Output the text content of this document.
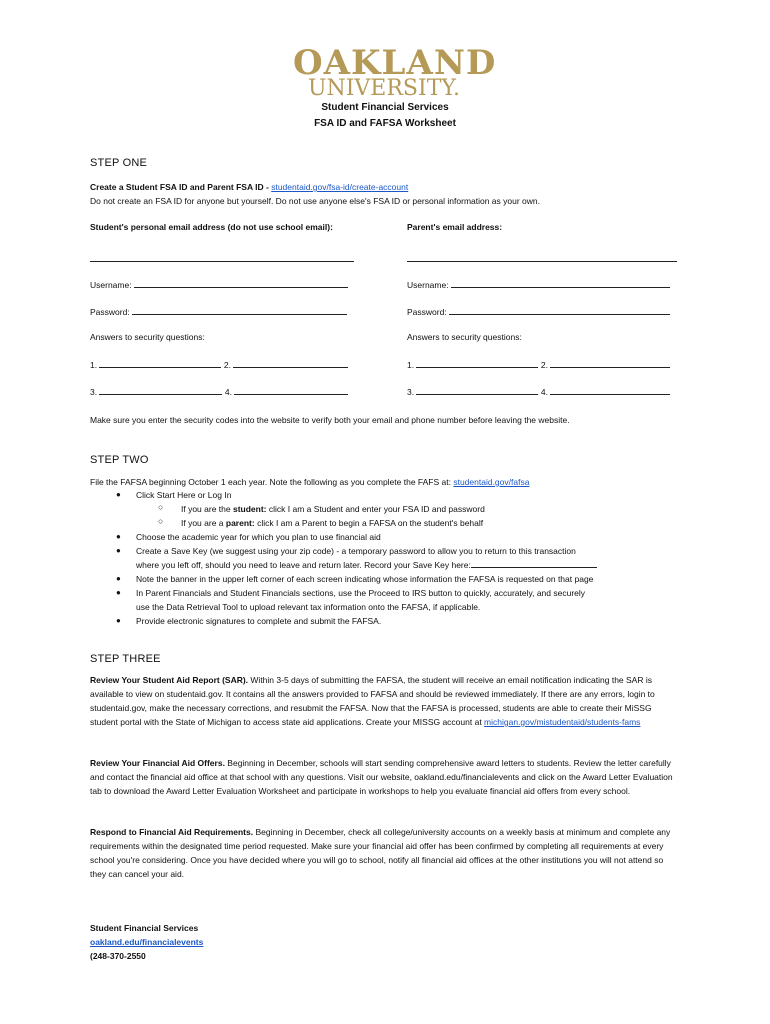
OAKLAND
UNIVERSITY.
Student Financial Services
FSA ID and FAFSA Worksheet
STEP ONE
Create a Student FSA ID and Parent FSA ID - studentaid.gov/fsa-id/create-account
Do not create an FSA ID for anyone but yourself. Do not use anyone else's FSA ID or personal information as your own.
Student's personal email address (do not use school email):	Parent's email address:
Username:	Username:
Password:	Password:
Answers to security questions:	Answers to security questions:
1.	2.	1.	2.
3.	4.	3.	4.
Make sure you enter the security codes into the website to verify both your email and phone number before leaving the website.
STEP TWO
File the FAFSA beginning October 1 each year. Note the following as you complete the FAFS at: studentaid.gov/fafsa
● Click Start Here or Log In
○ If you are the student: click I am a Student and enter your FSA ID and password
○ If you are a parent: click I am a Parent to begin a FAFSA on the student's behalf
● Choose the academic year for which you plan to use financial aid
● Create a Save Key (we suggest using your zip code) - a temporary password to allow you to return to this transaction
where you left off, should you need to leave and return later. Record your Save Key here:
● Note the banner in the upper left corner of each screen indicating whose information the FAFSA is requested on that page
● In Parent Financials and Student Financials sections, use the Proceed to IRS button to quickly, accurately, and securely
use the Data Retrieval Tool to upload relevant tax information onto the FAFSA, if applicable.
● Provide electronic signatures to complete and submit the FAFSA.
STEP THREE
Review Your Student Aid Report (SAR). Within 3-5 days of submitting the FAFSA, the student will receive an email notification indicating the SAR is available to view on studentaid.gov. It contains all the answers provided to FAFSA and should be reviewed immediately. If there are any errors, login to studentaid.gov, make the necessary corrections, and resubmit the FAFSA. Now that the FAFSA is processed, students are able to create their MiSSG student portal with the State of Michigan to access state aid applications. Create your MISSG account at michigan.gov/mistudentaid/students-fams
Review Your Financial Aid Offers. Beginning in December, schools will start sending comprehensive award letters to students. Review the letter carefully and contact the financial aid office at that school with any questions. Visit our website, oakland.edu/financialevents and click on the Award Letter Evaluation tab to download the Award Letter Evaluation Worksheet and participate in workshops to help you evaluate financial aid offers from every school.
Respond to Financial Aid Requirements. Beginning in December, check all college/university accounts on a weekly basis at minimum and complete any requirements within the designated time period requested. Make sure your financial aid offer has been confirmed by completing all requirements at every school you're considering. Once you have decided where you will go to school, notify all financial aid offices at the other institutions you will not attend so they can cancel your aid.
Student Financial Services
oakland.edu/financialevents
(248-370-2550
